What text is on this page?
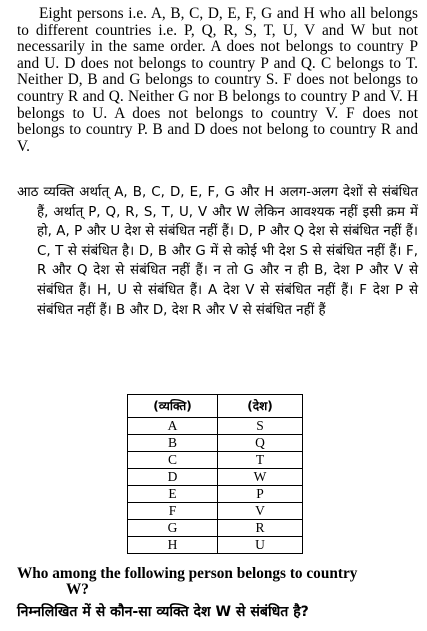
Eight persons i.e. A, B, C, D, E, F, G and H who all belongs to different countries i.e. P, Q, R, S, T, U, V and W but not necessarily in the same order. A does not belongs to country P and U. D does not belongs to country P and Q. C belongs to T. Neither D, B and G belongs to country S. F does not belongs to country R and Q. Neither G nor B belongs to country P and V. H belongs to U. A does not belongs to country V. F does not belongs to country P. B and D does not belong to country R and V.

आठ व्यक्ति अर्थात् A, B, C, D, E, F, G और H अलग-अलग देशों से संबंधित हैं, अर्थात् P, Q, R, S, T, U, V और W लेकिन आवश्यक नहीं इसी क्रम में हो, A, P और U देश से संबंधित नहीं हैं। D, P और Q देश से संबंधित नहीं हैं। C, T से संबंधित है। D, B और G में से कोई भी देश S से संबंधित नहीं हैं। F, R और Q देश से संबंधित नहीं हैं। न तो G और न ही B, देश P और V से संबंधित हैं। H, U से संबंधित हैं। A देश V से संबंधित नहीं हैं। F देश P से संबंधित नहीं हैं। B और D, देश R और V से संबंधित नहीं हैं

(व्यक्ति)	(देश)
A	S
B	Q
C	T
D	W
E	P
F	V
G	R
H	U

Who among the following person belongs to country
W?

निम्नलिखित में से कौन-सा व्यक्ति देश W से संबंधित है?
